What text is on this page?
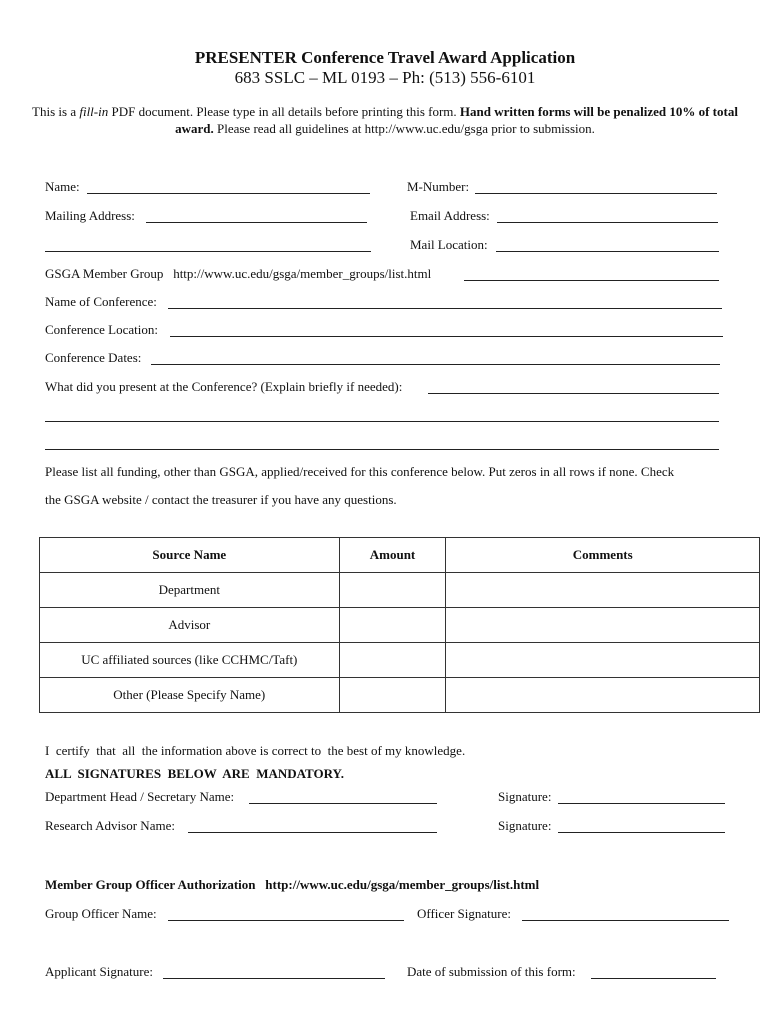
PRESENTER Conference Travel Award Application
683 SSLC – ML 0193 – Ph: (513) 556-6101
This is a fill-in PDF document. Please type in all details before printing this form. Hand written forms will be penalized 10% of total award. Please read all guidelines at http://www.uc.edu/gsga prior to submission.
Name:	M-Number:
Mailing Address:	Email Address:
Mail Location:
GSGA Member Group http://www.uc.edu/gsga/member_groups/list.html
Name of Conference:
Conference Location:
Conference Dates:
What did you present at the Conference? (Explain briefly if needed):
Please list all funding, other than GSGA, applied/received for this conference below. Put zeros in all rows if none. Check
the GSGA website / contact the treasurer if you have any questions.
Source Name	Amount	Comments
Department		
Advisor		
UC affiliated sources (like CCHMC/Taft)		
Other (Please Specify Name)		
I  certify  that  all  the information above is correct to  the best of my knowledge.
ALL  SIGNATURES  BELOW  ARE  MANDATORY.
Department Head / Secretary Name:	Signature:
Research Advisor Name:	Signature:
Member Group Officer Authorization http://www.uc.edu/gsga/member_groups/list.html
Group Officer Name:	Officer Signature:
Applicant Signature:	Date of submission of this form:
